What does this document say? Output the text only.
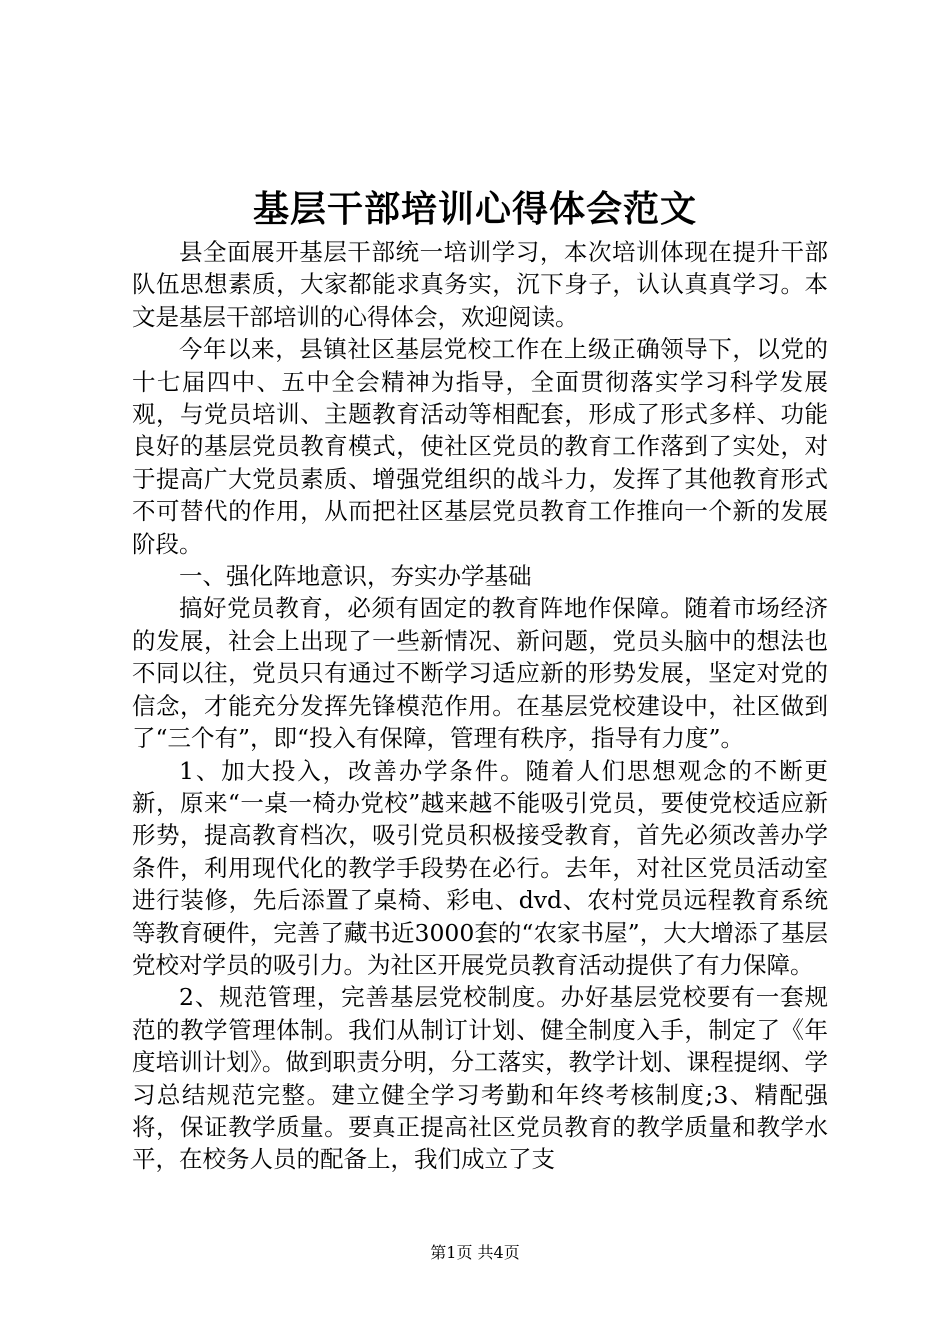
基层干部培训心得体会范文

县全面展开基层干部统一培训学习，本次培训体现在提升干部队伍思想素质，大家都能求真务实，沉下身子，认认真真学习。本文是基层干部培训的心得体会，欢迎阅读。

今年以来，县镇社区基层党校工作在上级正确领导下，以党的十七届四中、五中全会精神为指导，全面贯彻落实学习科学发展观，与党员培训、主题教育活动等相配套，形成了形式多样、功能良好的基层党员教育模式，使社区党员的教育工作落到了实处，对于提高广大党员素质、增强党组织的战斗力，发挥了其他教育形式不可替代的作用，从而把社区基层党员教育工作推向一个新的发展阶段。

一、强化阵地意识，夯实办学基础

搞好党员教育，必须有固定的教育阵地作保障。随着市场经济的发展，社会上出现了一些新情况、新问题，党员头脑中的想法也不同以往，党员只有通过不断学习适应新的形势发展，坚定对党的信念，才能充分发挥先锋模范作用。在基层党校建设中，社区做到了“三个有”，即“投入有保障，管理有秩序，指导有力度”。

1、加大投入，改善办学条件。随着人们思想观念的不断更新，原来“一桌一椅办党校”越来越不能吸引党员，要使党校适应新形势，提高教育档次，吸引党员积极接受教育，首先必须改善办学条件，利用现代化的教学手段势在必行。去年，对社区党员活动室进行装修，先后添置了桌椅、彩电、dvd、农村党员远程教育系统等教育硬件，完善了藏书近3000套的“农家书屋”，大大增添了基层党校对学员的吸引力。为社区开展党员教育活动提供了有力保障。

2、规范管理，完善基层党校制度。办好基层党校要有一套规范的教学管理体制。我们从制订计划、健全制度入手，制定了《年度培训计划》。做到职责分明，分工落实，教学计划、课程提纲、学习总结规范完整。建立健全学习考勤和年终考核制度;3、精配强将，保证教学质量。要真正提高社区党员教育的教学质量和教学水平，在校务人员的配备上，我们成立了支

第1页 共4页
